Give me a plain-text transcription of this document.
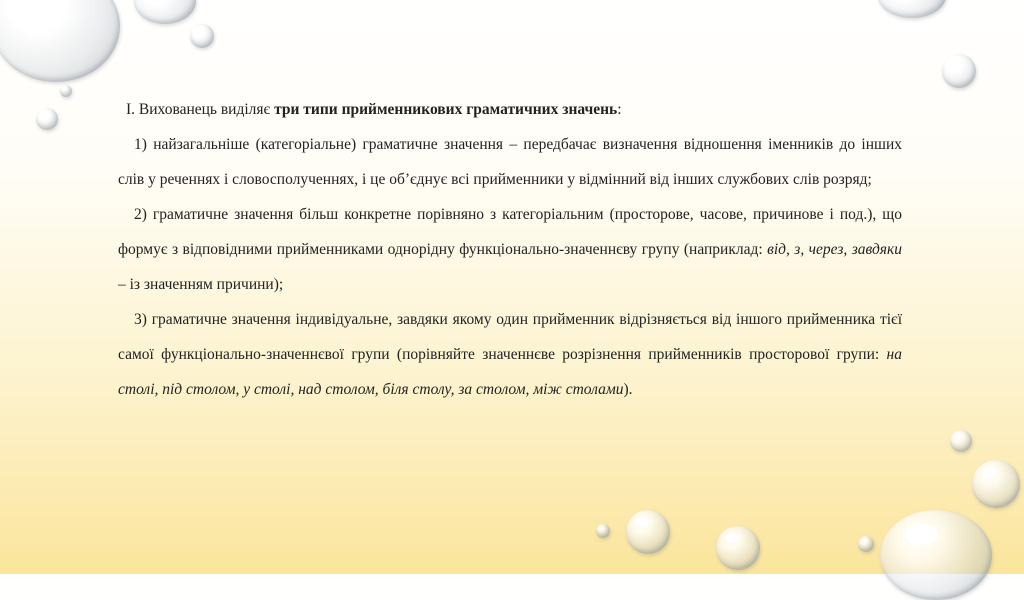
I. Вихованець виділяє три типи прийменникових граматичних значень:

1) найзагальніше (категоріальне) граматичне значення – передбачає визначення відношення іменників до інших слів у реченнях і словосполученнях, і це об’єднує всі прийменники у відмінний від інших службових слів розряд;

2) граматичне значення більш конкретне порівняно з категоріальним (просторове, часове, причинове і под.), що формує з відповідними прийменниками однорідну функціонально-значеннєву групу (наприклад: від, з, через, завдяки – із значенням причини);

3) граматичне значення індивідуальне, завдяки якому один прийменник відрізняється від іншого прийменника тієї самої функціонально-значеннєвої групи (порівняйте значеннєве розрізнення прийменників просторової групи: на столі, під столом, у столі, над столом, біля столу, за столом, між столами).
